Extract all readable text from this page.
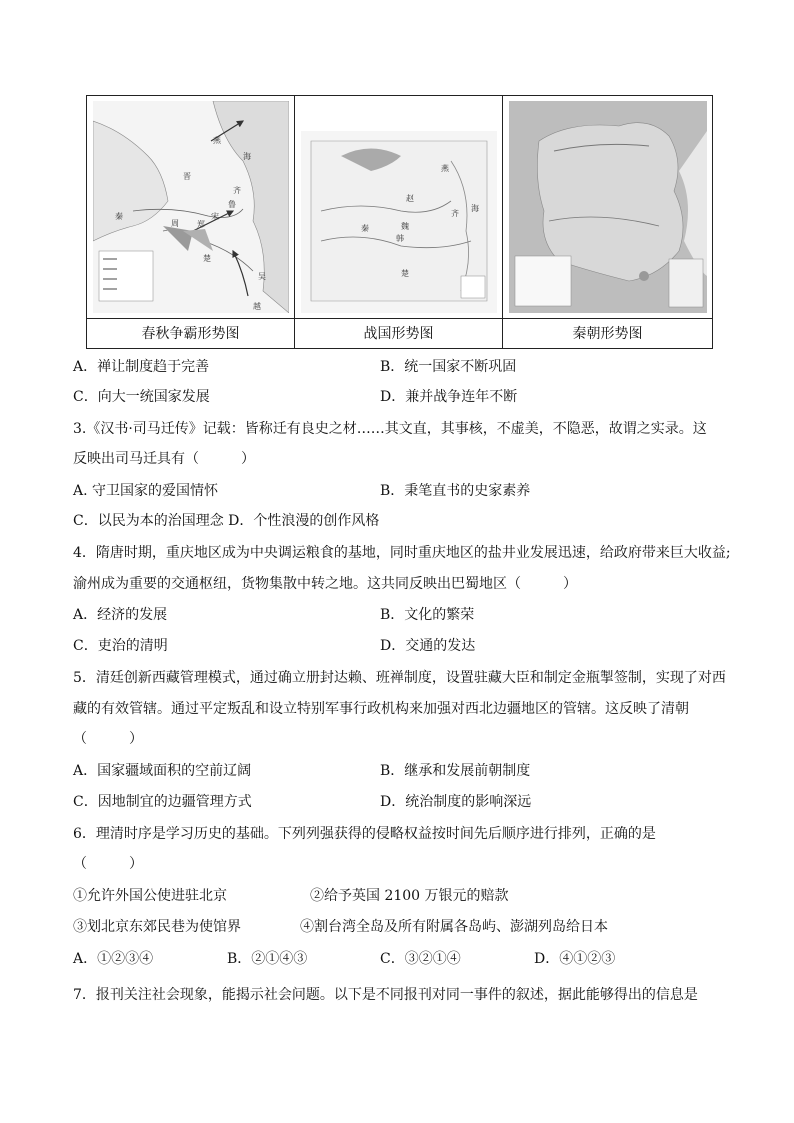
燕
齐
秦
晋
楚
吴
越
鲁
宋
郑
周
海
燕
齐
赵
魏
韩
秦
楚
海
春秋争霸形势图	战国形势图	秦朝形势图
A．禅让制度趋于完善	B．统一国家不断巩固
C．向大一统国家发展	D．兼并战争连年不断
3.《汉书·司马迁传》记载：皆称迁有良史之材……其文直，其事核，不虚美，不隐恶，故谓之实录。这
反映出司马迁具有（　　　）
A. 守卫国家的爱国情怀	B．秉笔直书的史家素养
C．以民为本的治国理念 D．个性浪漫的创作风格
4．隋唐时期，重庆地区成为中央调运粮食的基地，同时重庆地区的盐井业发展迅速，给政府带来巨大收益;
渝州成为重要的交通枢纽，货物集散中转之地。这共同反映出巴蜀地区（　　　）
A．经济的发展	B．文化的繁荣
C．吏治的清明	D．交通的发达
5．清廷创新西藏管理模式，通过确立册封达赖、班禅制度，设置驻藏大臣和制定金瓶掣签制，实现了对西
藏的有效管辖。通过平定叛乱和设立特别军事行政机构来加强对西北边疆地区的管辖。这反映了清朝
（　　　）
A．国家疆域面积的空前辽阔	B．继承和发展前朝制度
C．因地制宜的边疆管理方式	D．统治制度的影响深远
6．理清时序是学习历史的基础。下列列强获得的侵略权益按时间先后顺序进行排列，正确的是
（　　　）
①允许外国公使进驻北京	②给予英国 2100 万银元的赔款
③划北京东郊民巷为使馆界	④割台湾全岛及所有附属各岛屿、澎湖列岛给日本
A．①②③④	B．②①④③	C．③②①④	D．④①②③
7．报刊关注社会现象，能揭示社会问题。以下是不同报刊对同一事件的叙述，据此能够得出的信息是
